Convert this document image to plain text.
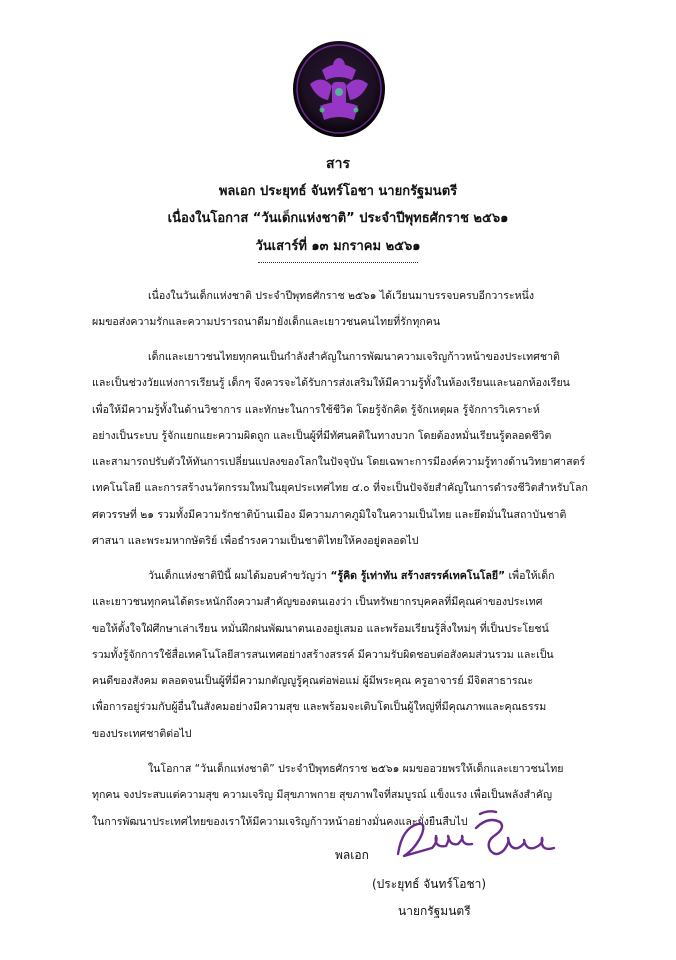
สาร
พลเอก ประยุทธ์ จันทร์โอชา นายกรัฐมนตรี
เนื่องในโอกาส “วันเด็กแห่งชาติ” ประจำปีพุทธศักราช ๒๕๖๑
วันเสาร์ที่ ๑๓ มกราคม ๒๕๖๑
เนื่องในวันเด็กแห่งชาติ ประจำปีพุทธศักราช ๒๕๖๑ ได้เวียนมาบรรจบครบอีกวาระหนึ่ง
ผมขอส่งความรักและความปรารถนาดีมายังเด็กและเยาวชนคนไทยที่รักทุกคน
เด็กและเยาวชนไทยทุกคนเป็นกำลังสำคัญในการพัฒนาความเจริญก้าวหน้าของประเทศชาติ
และเป็นช่วงวัยแห่งการเรียนรู้ เด็กๆ จึงควรจะได้รับการส่งเสริมให้มีความรู้ทั้งในห้องเรียนและนอกห้องเรียน
เพื่อให้มีความรู้ทั้งในด้านวิชาการ และทักษะในการใช้ชีวิต โดยรู้จักคิด รู้จักเหตุผล รู้จักการวิเคราะห์
อย่างเป็นระบบ รู้จักแยกแยะความผิดถูก และเป็นผู้ที่มีทัศนคติในทางบวก โดยต้องหมั่นเรียนรู้ตลอดชีวิต
และสามารถปรับตัวให้ทันการเปลี่ยนแปลงของโลกในปัจจุบัน โดยเฉพาะการมีองค์ความรู้ทางด้านวิทยาศาสตร์
เทคโนโลยี และการสร้างนวัตกรรมใหม่ในยุคประเทศไทย ๔.๐ ที่จะเป็นปัจจัยสำคัญในการดำรงชีวิตสำหรับโลก
ศตวรรษที่ ๒๑ รวมทั้งมีความรักชาติบ้านเมือง มีความภาคภูมิใจในความเป็นไทย และยึดมั่นในสถาบันชาติ
ศาสนา และพระมหากษัตริย์ เพื่อธำรงความเป็นชาติไทยให้คงอยู่ตลอดไป
วันเด็กแห่งชาติปีนี้ ผมได้มอบคำขวัญว่า “รู้คิด รู้เท่าทัน สร้างสรรค์เทคโนโลยี” เพื่อให้เด็ก
และเยาวชนทุกคนได้ตระหนักถึงความสำคัญของตนเองว่า เป็นทรัพยากรบุคคลที่มีคุณค่าของประเทศ
ขอให้ตั้งใจใฝ่ศึกษาเล่าเรียน หมั่นฝึกฝนพัฒนาตนเองอยู่เสมอ และพร้อมเรียนรู้สิ่งใหม่ๆ ที่เป็นประโยชน์
รวมทั้งรู้จักการใช้สื่อเทคโนโลยีสารสนเทศอย่างสร้างสรรค์ มีความรับผิดชอบต่อสังคมส่วนรวม และเป็น
คนดีของสังคม ตลอดจนเป็นผู้ที่มีความกตัญญูรู้คุณต่อพ่อแม่ ผู้มีพระคุณ ครูอาจารย์ มีจิตสาธารณะ
เพื่อการอยู่ร่วมกับผู้อื่นในสังคมอย่างมีความสุข และพร้อมจะเติบโตเป็นผู้ใหญ่ที่มีคุณภาพและคุณธรรม
ของประเทศชาติต่อไป
ในโอกาส “วันเด็กแห่งชาติ” ประจำปีพุทธศักราช ๒๕๖๑ ผมขออวยพรให้เด็กและเยาวชนไทย
ทุกคน จงประสบแต่ความสุข ความเจริญ มีสุขภาพกาย สุขภาพใจที่สมบูรณ์ แข็งแรง เพื่อเป็นพลังสำคัญ
ในการพัฒนาประเทศไทยของเราให้มีความเจริญก้าวหน้าอย่างมั่นคงและยั่งยืนสืบไป
พลเอก
(ประยุทธ์ จันทร์โอชา)
นายกรัฐมนตรี
